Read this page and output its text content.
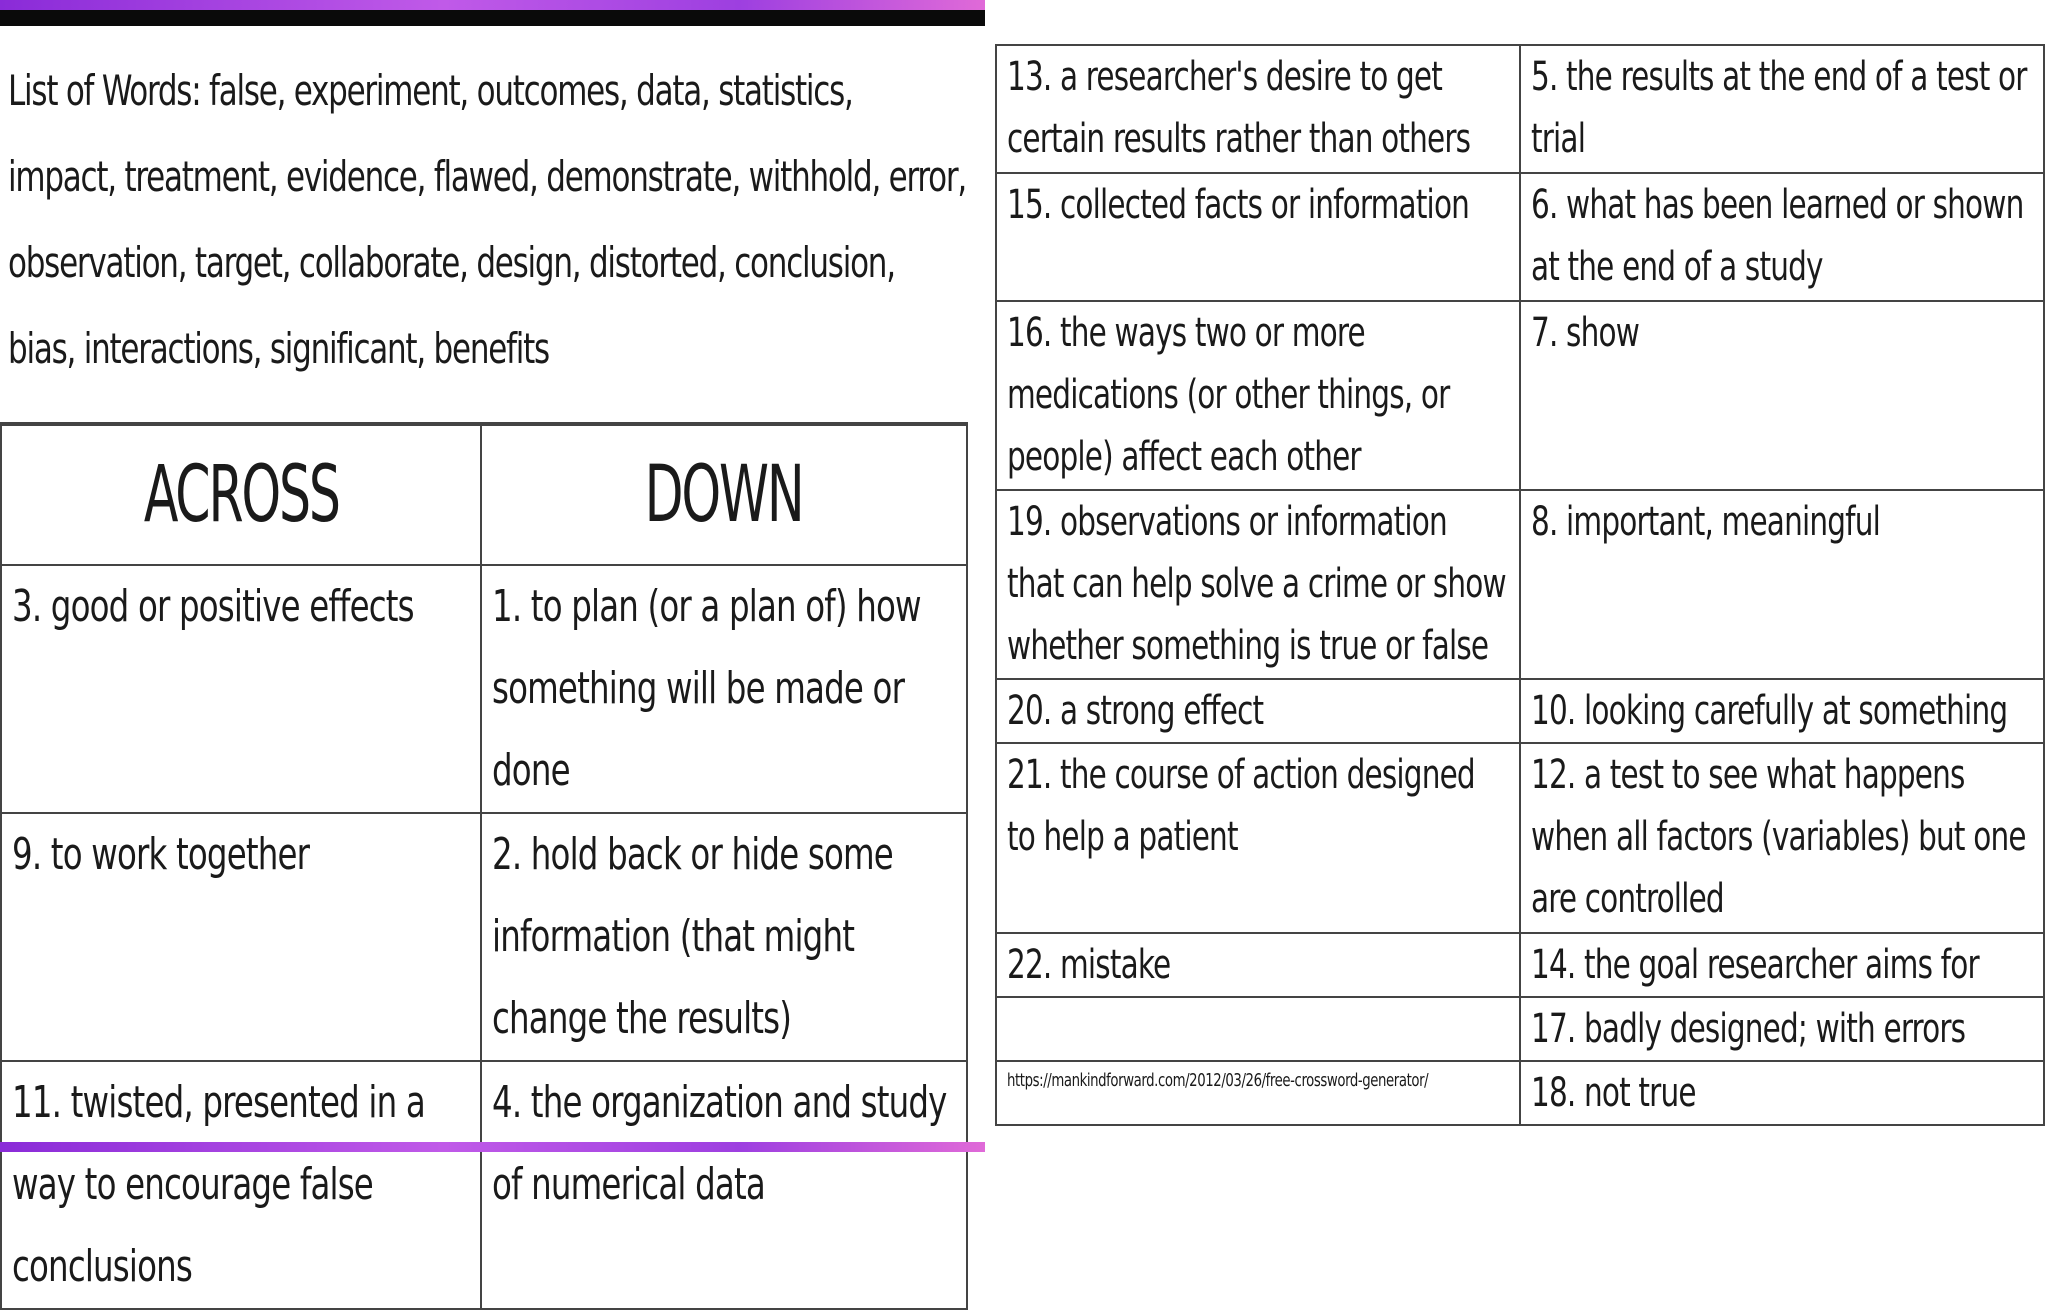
List of Words: false, experiment, outcomes, data, statistics, impact, treatment, evidence, flawed, demonstrate, withhold, error, observation, target, collaborate, design, distorted, conclusion, bias, interactions, significant, benefits
ACROSS	DOWN

3. good or positive effects	1. to plan (or a plan of) how something will be made or done

9. to work together	2. hold back or hide some information (that might change the results)

11. twisted, presented in a way to encourage false conclusions	4. the organization and study of numerical data
13. a researcher's desire to get certain results rather than others	5. the results at the end of a test or trial

15. collected facts or information	6. what has been learned or shown at the end of a study

16. the ways two or more medications (or other things, or people) affect each other	7. show

19. observations or information that can help solve a crime or show whether something is true or false	8. important, meaningful

20. a strong effect	10. looking carefully at something

21. the course of action designed to help a patient	12. a test to see what happens when all factors (variables) but one are controlled

22. mistake	14. the goal researcher aims for

	17. badly designed; with errors

https://mankindforward.com/2012/03/26/free-crossword-generator/	18. not true
